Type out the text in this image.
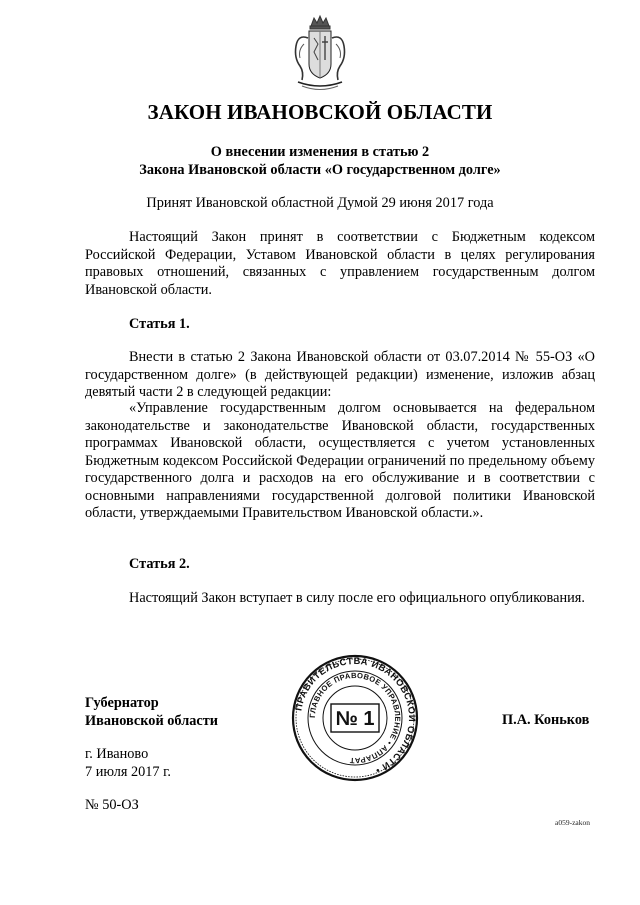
ЗАКОН ИВАНОВСКОЙ ОБЛАСТИ
О внесении изменения в статью 2
Закона Ивановской области «О государственном долге»
Принят Ивановской областной Думой 29 июня 2017 года

Настоящий Закон принят в соответствии с Бюджетным кодексом Российской Федерации, Уставом Ивановской области в целях регулирования правовых отношений, связанных с управлением государственным долгом Ивановской области.

Статья 1.

Внести в статью 2 Закона Ивановской области от 03.07.2014 № 55-ОЗ «О государственном долге» (в действующей редакции) изменение, изложив абзац девятый части 2 в следующей редакции:

«Управление государственным долгом основывается на федеральном законодательстве и законодательстве Ивановской области, государственных программах Ивановской области, осуществляется с учетом установленных Бюджетным кодексом Российской Федерации ограничений по предельному объему государственного долга и расходов на его обслуживание и в соответствии с основными направлениями государственной долговой политики Ивановской области, утверждаемыми Правительством Ивановской области.».

Статья 2.

Настоящий Закон вступает в силу после его официального опубликования.

Губернатор
Ивановской области
ПРАВИТЕЛЬСТВА ИВАНОВСКОЙ ОБЛАСТИ •
ГЛАВНОЕ ПРАВОВОЕ УПРАВЛЕНИЕ • АППАРАТ
№ 1	П.А. Коньков
г. Иваново
7 июля 2017 г.
№ 50-ОЗ
a059-zakon
